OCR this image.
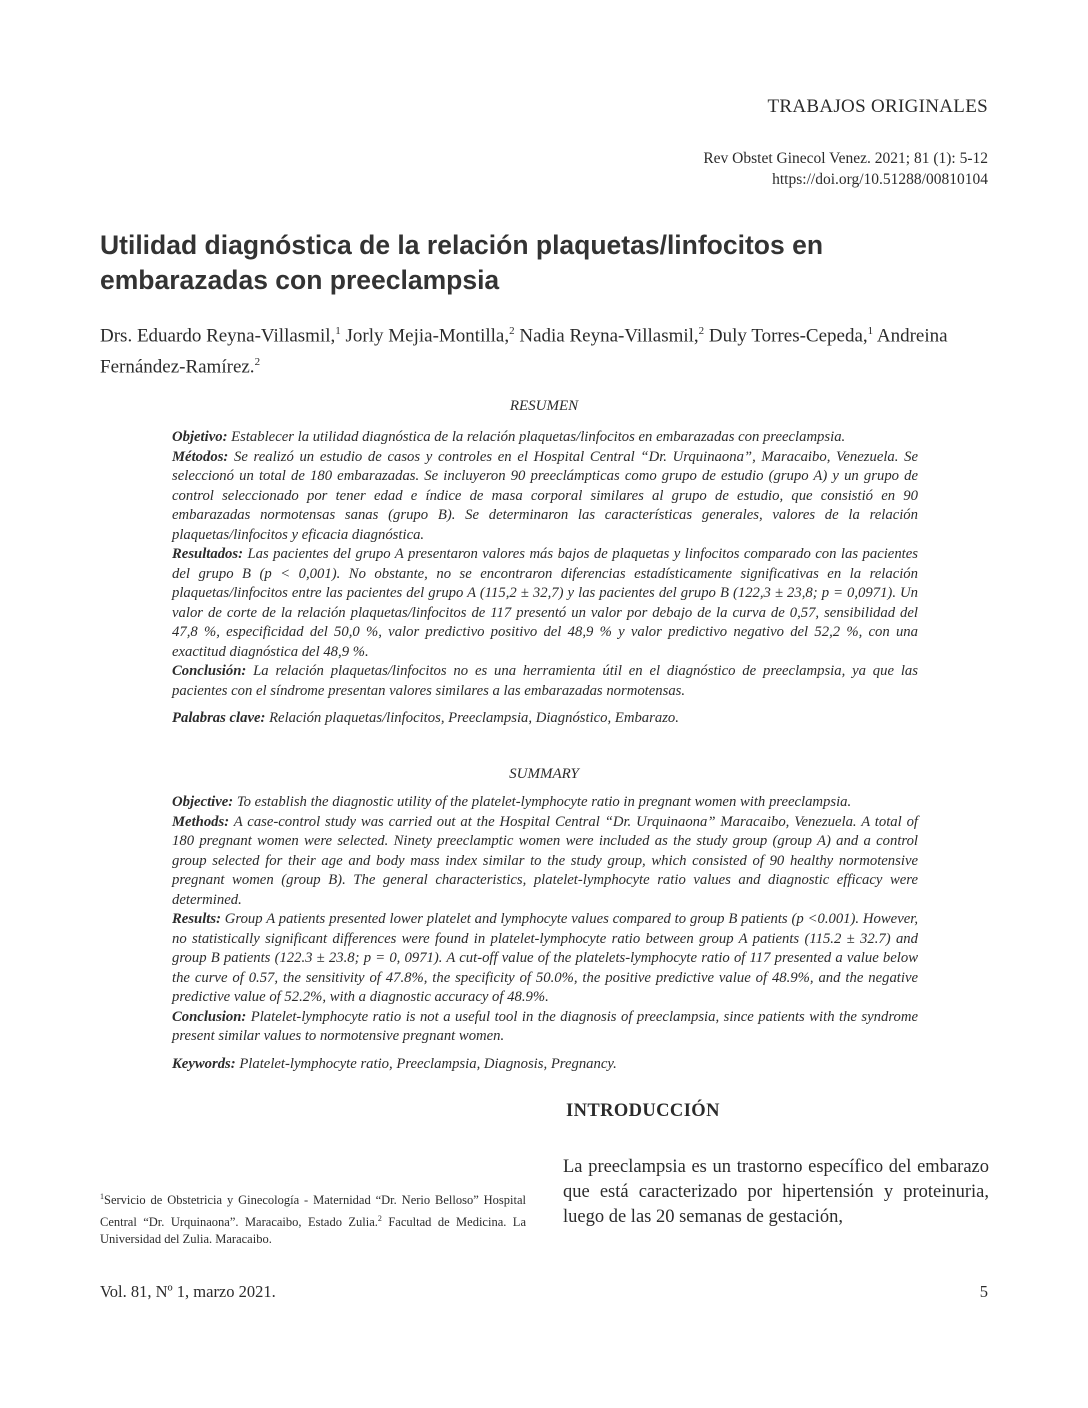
TRABAJOS ORIGINALES
Rev Obstet Ginecol Venez. 2021; 81 (1): 5-12
https://doi.org/10.51288/00810104
Utilidad diagnóstica de la relación plaquetas/linfocitos en embarazadas con preeclampsia
Drs. Eduardo Reyna-Villasmil,$^1$ Jorly Mejia-Montilla,$^2$ Nadia Reyna-Villasmil,$^2$ Duly Torres-Cepeda,$^1$ Andreina Fernández-Ramírez.$^2$
RESUMEN

Objetivo: Establecer la utilidad diagnóstica de la relación plaquetas/linfocitos en embarazadas con preeclampsia.

Métodos: Se realizó un estudio de casos y controles en el Hospital Central “Dr. Urquinaona”, Maracaibo, Venezuela. Se seleccionó un total de 180 embarazadas. Se incluyeron 90 preeclámpticas como grupo de estudio (grupo A) y un grupo de control seleccionado por tener edad e índice de masa corporal similares al grupo de estudio, que consistió en 90 embarazadas normotensas sanas (grupo B). Se determinaron las características generales, valores de la relación plaquetas/linfocitos y eficacia diagnóstica.

Resultados: Las pacientes del grupo A presentaron valores más bajos de plaquetas y linfocitos comparado con las pacientes del grupo B (p < 0,001). No obstante, no se encontraron diferencias estadísticamente significativas en la relación plaquetas/linfocitos entre las pacientes del grupo A (115,2 ± 32,7) y las pacientes del grupo B (122,3 ± 23,8; p = 0,0971). Un valor de corte de la relación plaquetas/linfocitos de 117 presentó un valor por debajo de la curva de 0,57, sensibilidad del 47,8 %, especificidad del 50,0 %, valor predictivo positivo del 48,9 % y valor predictivo negativo del 52,2 %, con una exactitud diagnóstica del 48,9 %.

Conclusión: La relación plaquetas/linfocitos no es una herramienta útil en el diagnóstico de preeclampsia, ya que las pacientes con el síndrome presentan valores similares a las embarazadas normotensas.

Palabras clave: Relación plaquetas/linfocitos, Preeclampsia, Diagnóstico, Embarazo.

SUMMARY

Objective: To establish the diagnostic utility of the platelet-lymphocyte ratio in pregnant women with preeclampsia.

Methods: A case-control study was carried out at the Hospital Central “Dr. Urquinaona” Maracaibo, Venezuela. A total of 180 pregnant women were selected. Ninety preeclamptic women were included as the study group (group A) and a control group selected for their age and body mass index similar to the study group, which consisted of 90 healthy normotensive pregnant women (group B). The general characteristics, platelet-lymphocyte ratio values and diagnostic efficacy were determined.

Results: Group A patients presented lower platelet and lymphocyte values compared to group B patients (p <0.001). However, no statistically significant differences were found in platelet-lymphocyte ratio between group A patients (115.2 ± 32.7) and group B patients (122.3 ± 23.8; p = 0, 0971). A cut-off value of the platelets-lymphocyte ratio of 117 presented a value below the curve of 0.57, the sensitivity of 47.8%, the specificity of 50.0%, the positive predictive value of 48.9%, and the negative predictive value of 52.2%, with a diagnostic accuracy of 48.9%.

Conclusion: Platelet-lymphocyte ratio is not a useful tool in the diagnosis of preeclampsia, since patients with the syndrome present similar values to normotensive pregnant women.

Keywords: Platelet-lymphocyte ratio, Preeclampsia, Diagnosis, Pregnancy.

INTRODUCCIÓN
La preeclampsia es un trastorno específico del embarazo que está caracterizado por hipertensión y proteinuria, luego de las 20 semanas de gestación,
$^1$Servicio de Obstetricia y Ginecología - Maternidad “Dr. Nerio Belloso” Hospital Central “Dr. Urquinaona”. Maracaibo, Estado Zulia.$^2$ Facultad de Medicina. La Universidad del Zulia. Maracaibo.
Vol. 81, Nº 1, marzo 2021.	5
